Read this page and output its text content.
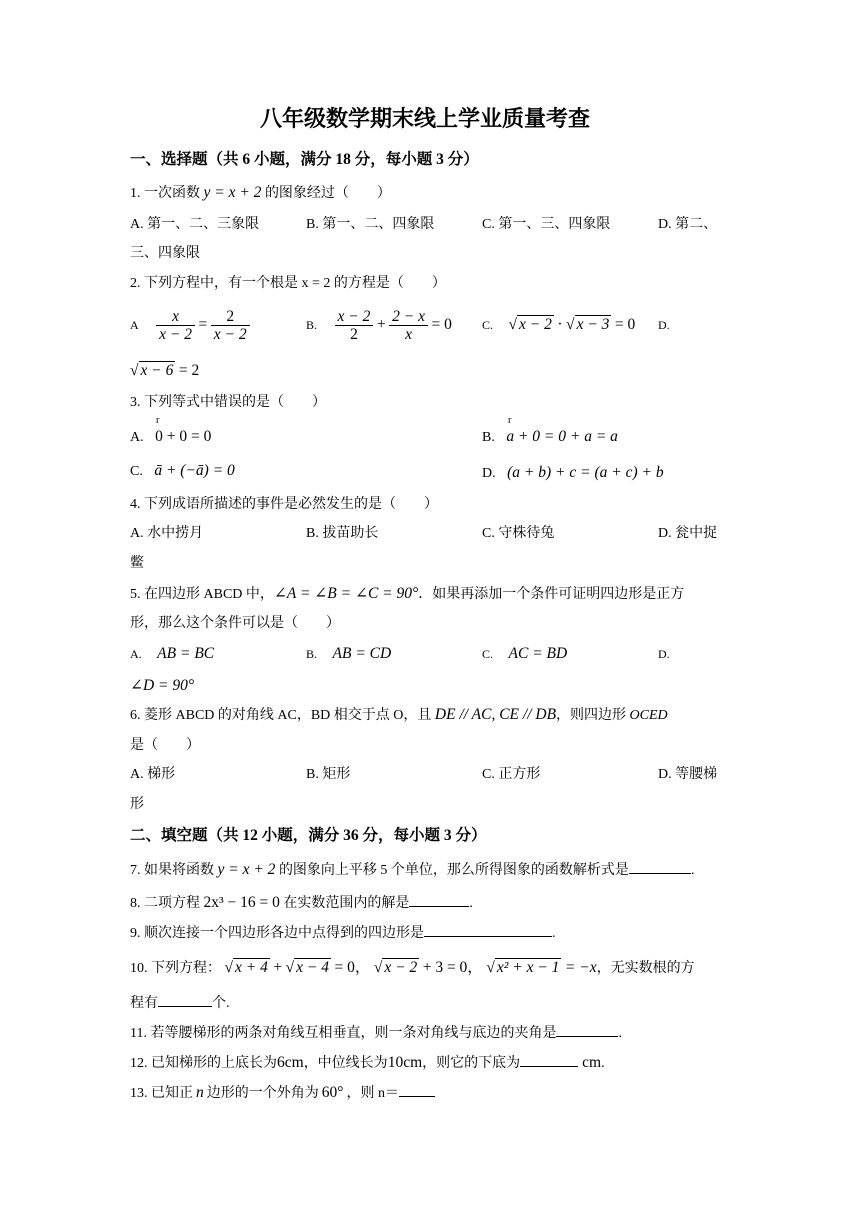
八年级数学期末线上学业质量考查
一、选择题（共 6 小题，满分 18 分，每小题 3 分）
1. 一次函数 y = x + 2 的图象经过（　　）
A. 第一、二、三象限	B. 第一、二、四象限	C. 第一、三、四象限	D. 第二、
三、四象限
2. 下列方程中，有一个根是 x = 2 的方程是（　　）
A $\frac{x}{x - 2} = \frac{2}{x - 2}$	B. $\frac{x - 2}{2} + \frac{2 - x}{x} = 0$	C. √ x − 2 · √ x − 3 = 0 D.
√ x − 6 = 2
3. 下列等式中错误的是（　　）
A. 0 + 0 = 0	B. a + 0 = 0 + a = a
C. ā + (−ā) = 0	D. (a + b) + c = (a + c) + b
r	r
4. 下列成语所描述的事件是必然发生的是（　　）
A. 水中捞月	B. 拔苗助长	C. 守株待兔	D. 瓮中捉
鳖
5. 在四边形 ABCD 中，∠A = ∠B = ∠C = 90°．如果再添加一个条件可证明四边形是正方
形，那么这个条件可以是（　　）
A. AB = BC	B. AB = CD	C. AC = BD	D.
∠D = 90°
6. 菱形 ABCD 的对角线 AC，BD 相交于点 O，且 DE // AC, CE // DB，则四边形 OCED
是（　　）
A. 梯形	B. 矩形	C. 正方形	D. 等腰梯
形
二、填空题（共 12 小题，满分 36 分，每小题 3 分）
7. 如果将函数 y = x + 2 的图象向上平移 5 个单位，那么所得图象的函数解析式是	.
8. 二项方程 2x³ − 16 = 0 在实数范围内的解是	.
9. 顺次连接一个四边形各边中点得到的四边形是	.
10. 下列方程： √ x + 4 + √ x − 4 = 0， √ x − 2 + 3 = 0， √ x² + x − 1 = −x，无实数根的方
程有	个.
11. 若等腰梯形的两条对角线互相垂直，则一条对角线与底边的夹角是	.
12. 已知梯形的上底长为6cm，中位线长为10cm，则它的下底为	cm.
13. 已知正 n 边形的一个外角为 60° ，则 n＝
